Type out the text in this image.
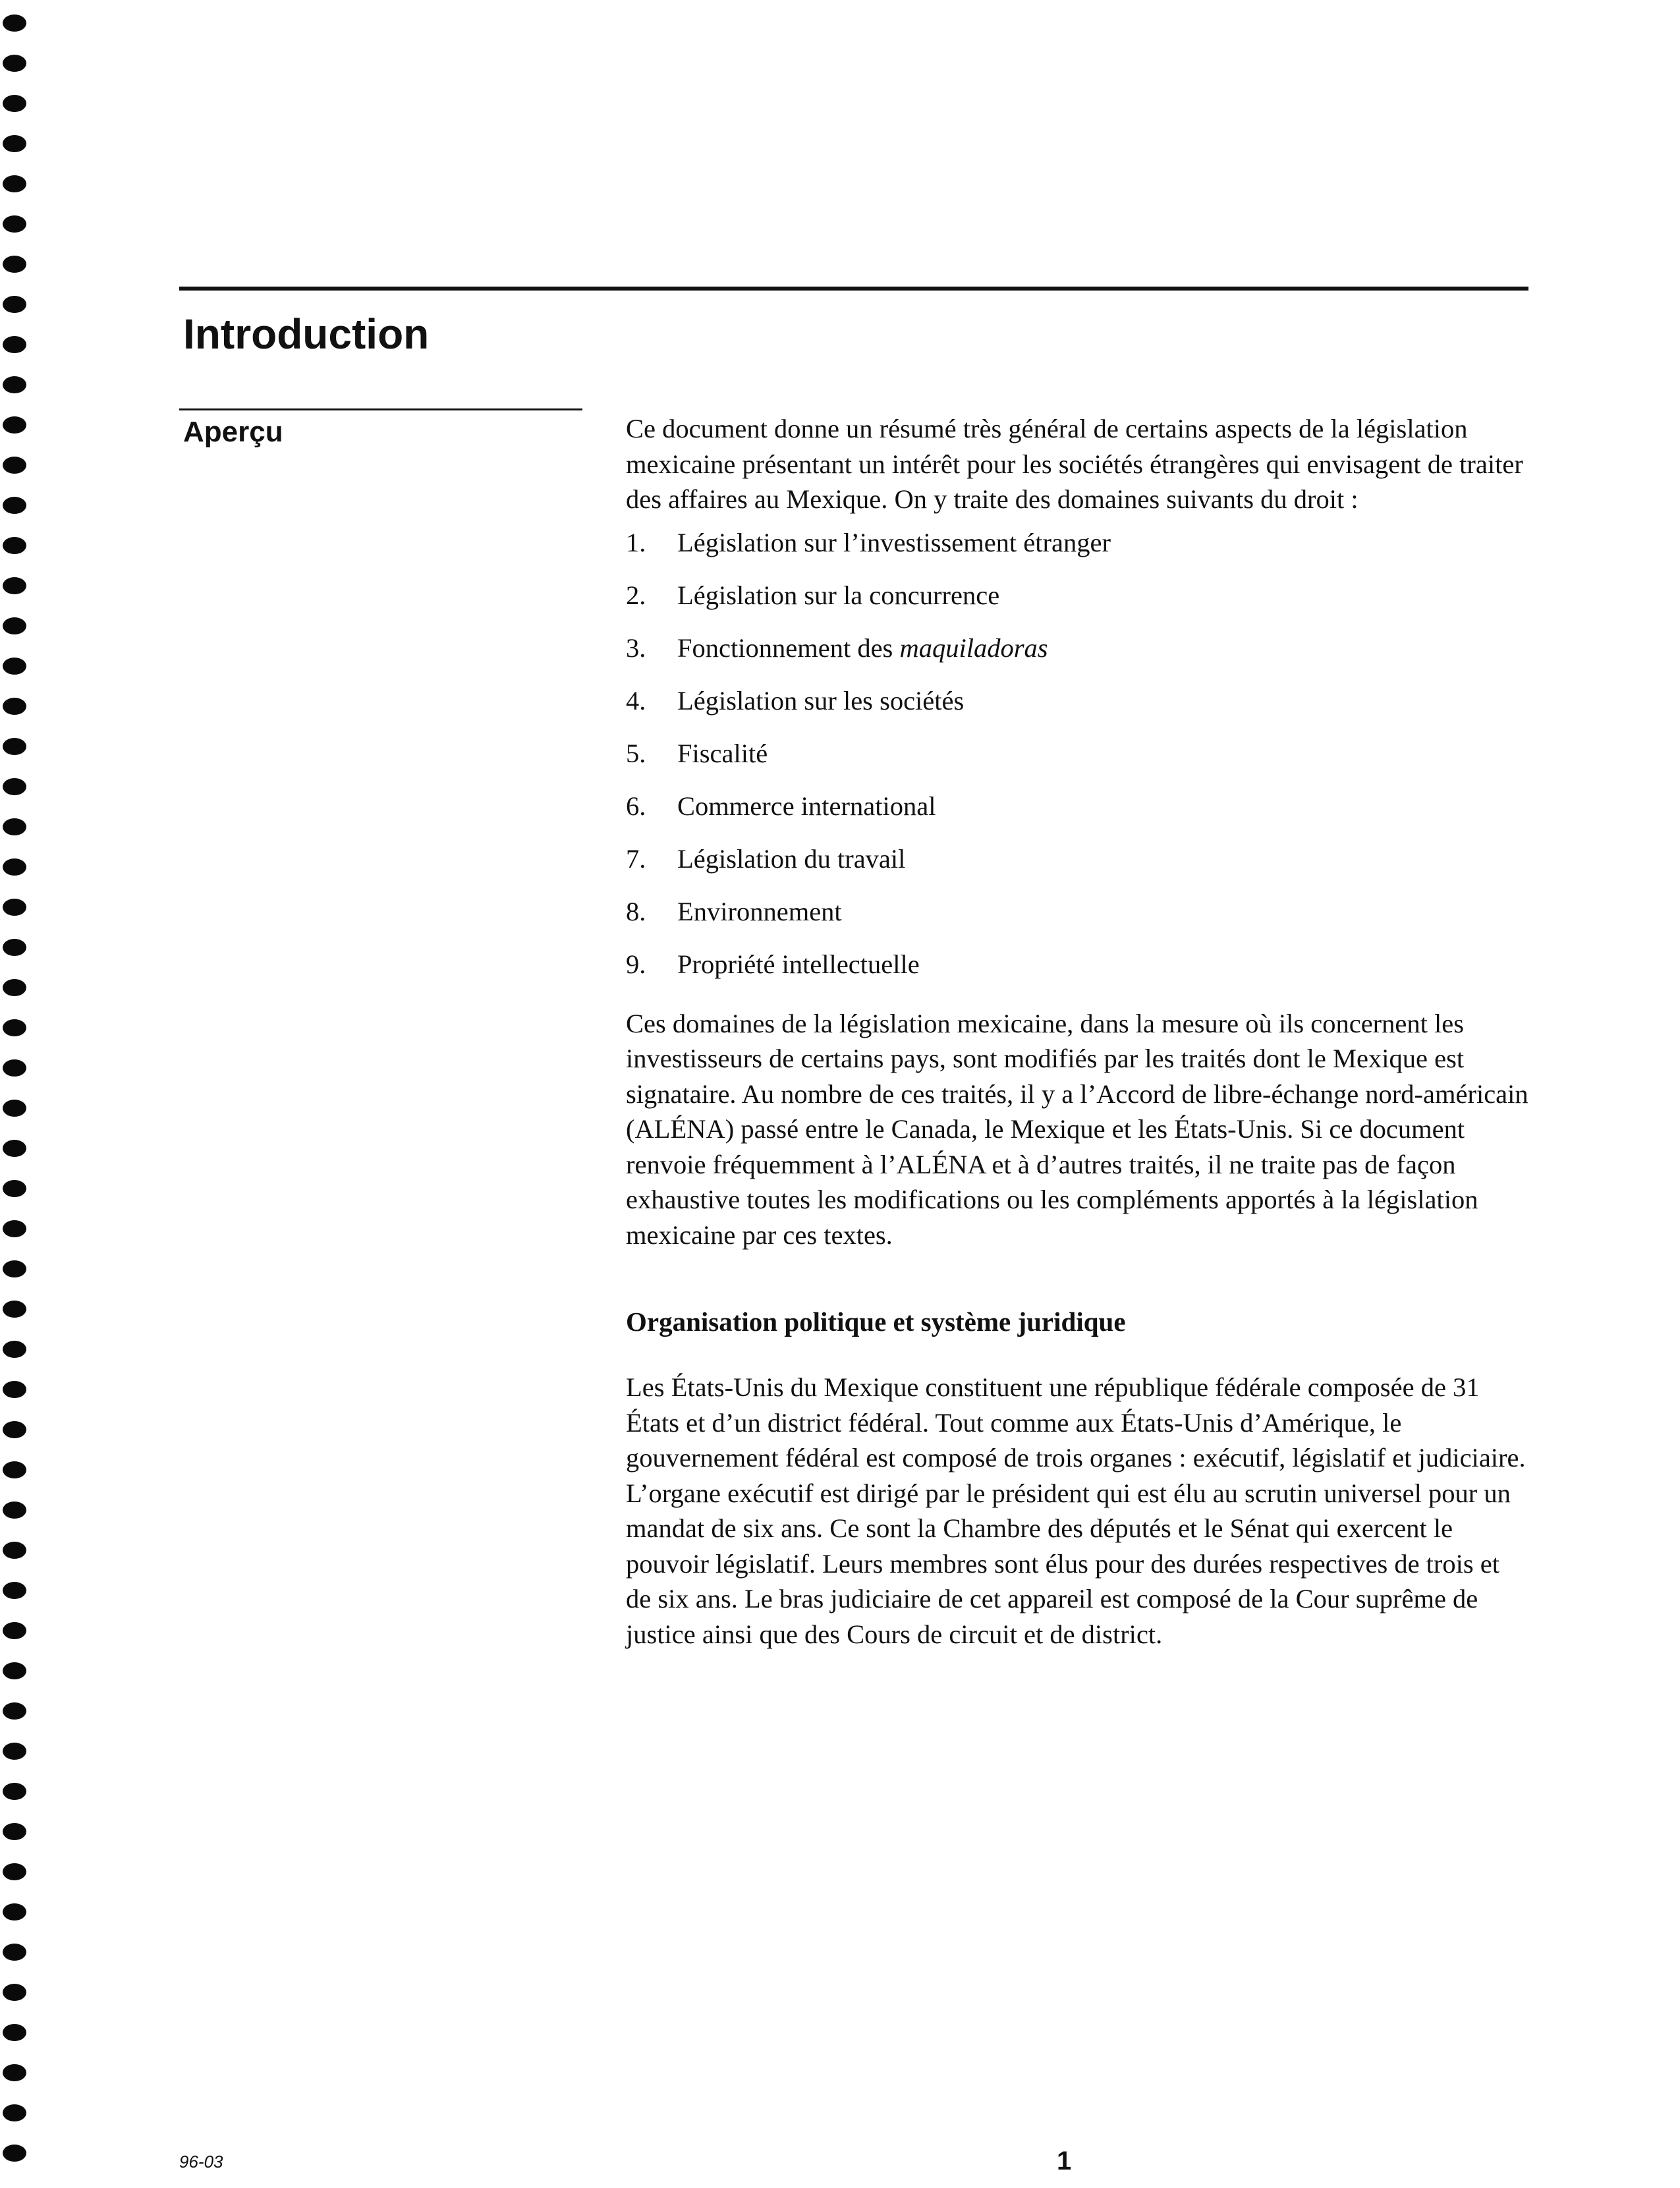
Introduction
Aperçu	Ce document donne un résumé très général de certains aspects de la législation mexicaine présentant un intérêt pour les sociétés étrangères qui envisagent de traiter des affaires au Mexique. On y traite des domaines suivants du droit :

1.	Législation sur l’investissement étranger
2.	Législation sur la concurrence
3.	Fonctionnement des maquiladoras
4.	Législation sur les sociétés
5.	Fiscalité
6.	Commerce international
7.	Législation du travail
8.	Environnement
9.	Propriété intellectuelle

Ces domaines de la législation mexicaine, dans la mesure où ils concernent les investisseurs de certains pays, sont modifiés par les traités dont le Mexique est signataire. Au nombre de ces traités, il y a l’Accord de libre-échange nord-américain (ALÉNA) passé entre le Canada, le Mexique et les États-Unis. Si ce document renvoie fréquemment à l’ALÉNA et à d’autres traités, il ne traite pas de façon exhaustive toutes les modifications ou les compléments apportés à la législation mexicaine par ces textes.

Organisation politique et système juridique

Les États-Unis du Mexique constituent une république fédérale composée de 31 États et d’un district fédéral. Tout comme aux États-Unis d’Amérique, le gouvernement fédéral est composé de trois organes : exécutif, législatif et judiciaire. L’organe exécutif est dirigé par le président qui est élu au scrutin universel pour un mandat de six ans. Ce sont la Chambre des députés et le Sénat qui exercent le pouvoir législatif. Leurs membres sont élus pour des durées respectives de trois et de six ans. Le bras judiciaire de cet appareil est composé de la Cour suprême de justice ainsi que des Cours de circuit et de district.

96-03	1
